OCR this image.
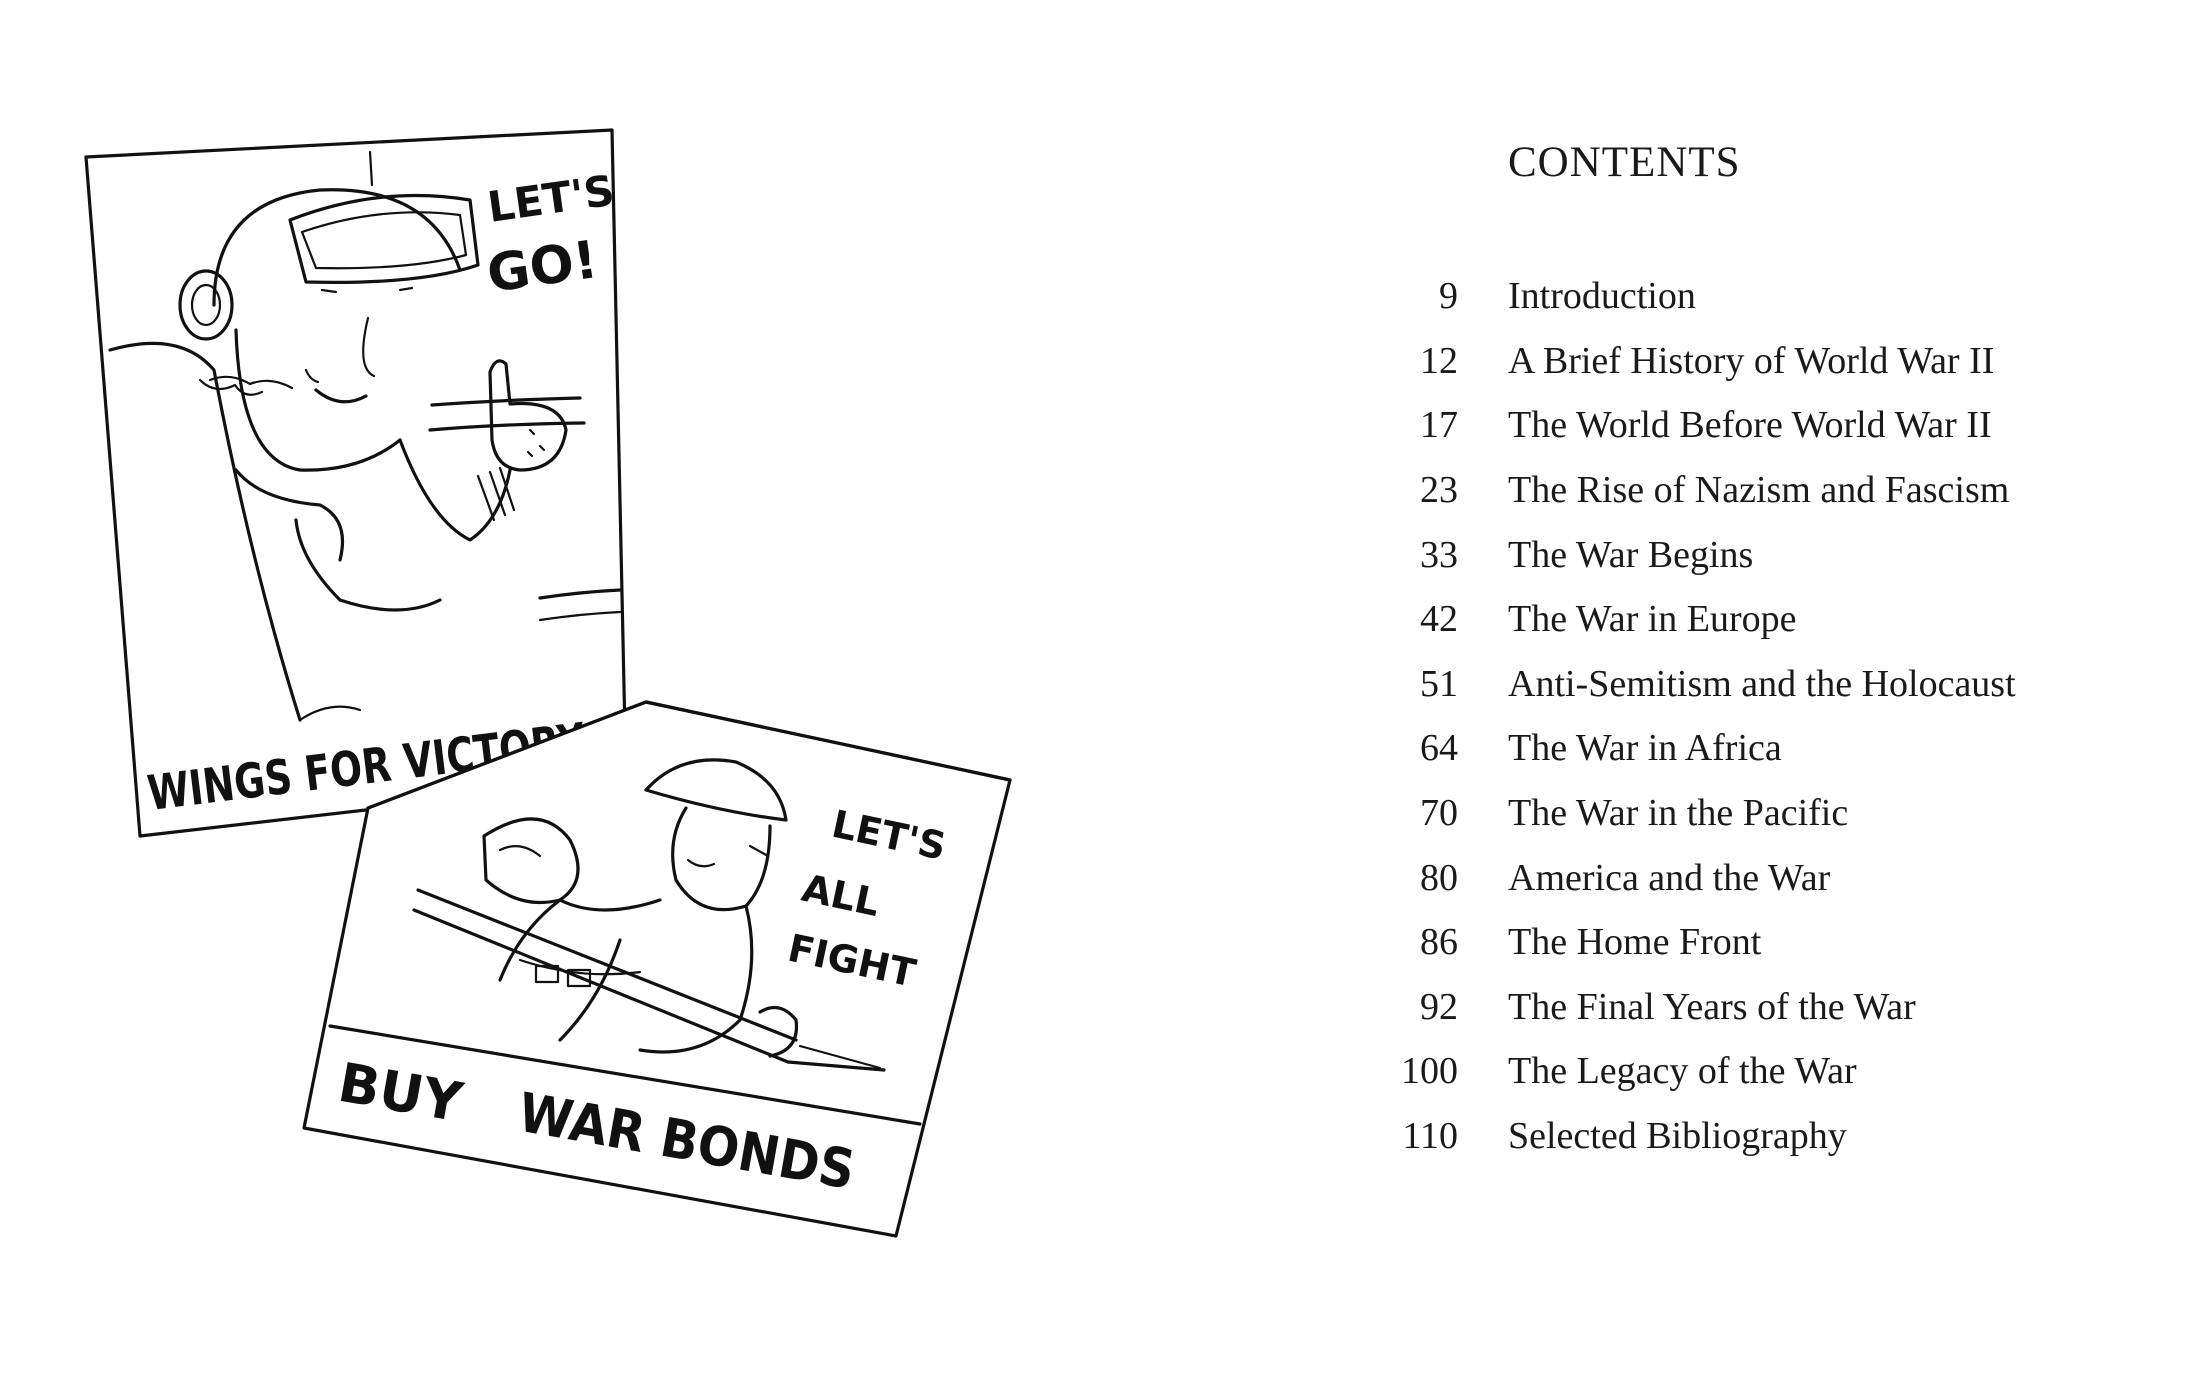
LET'S
GO!
WINGS FOR VICTORY
LET'S
ALL
FIGHT
BUY WAR BONDS
CONTENTS
9 Introduction
12 A Brief History of World War II
17 The World Before World War II
23 The Rise of Nazism and Fascism
33 The War Begins
42 The War in Europe
51 Anti-Semitism and the Holocaust
64 The War in Africa
70 The War in the Pacific
80 America and the War
86 The Home Front
92 The Final Years of the War
100 The Legacy of the War
110 Selected Bibliography
